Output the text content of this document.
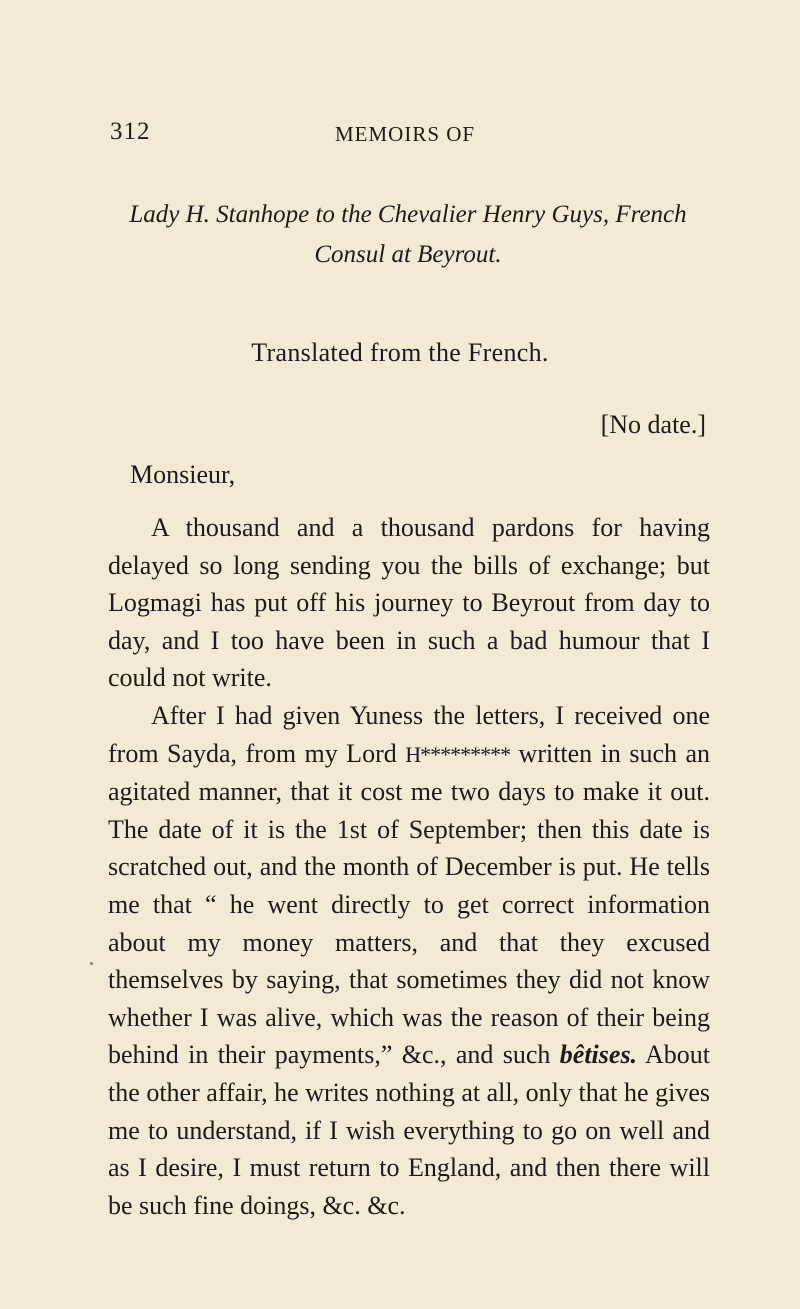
312	MEMOIRS OF
Lady H. Stanhope to the Chevalier Henry Guys, French
Consul at Beyrout.
Translated from the French.
[No date.]
Monsieur,

A thousand and a thousand pardons for having delayed so long sending you the bills of exchange; but Logmagi has put off his journey to Beyrout from day to day, and I too have been in such a bad humour that I could not write.

After I had given Yuness the letters, I received one from Sayda, from my Lord H********* written in such an agitated manner, that it cost me two days to make it out. The date of it is the 1st of September; then this date is scratched out, and the month of December is put. He tells me that “ he went directly to get correct information about my money matters, and that they excused themselves by saying, that sometimes they did not know whether I was alive, which was the reason of their being behind in their payments,” &c., and such bêtises. About the other affair, he writes nothing at all, only that he gives me to understand, if I wish everything to go on well and as I desire, I must return to England, and then there will be such fine doings, &c. &c.
